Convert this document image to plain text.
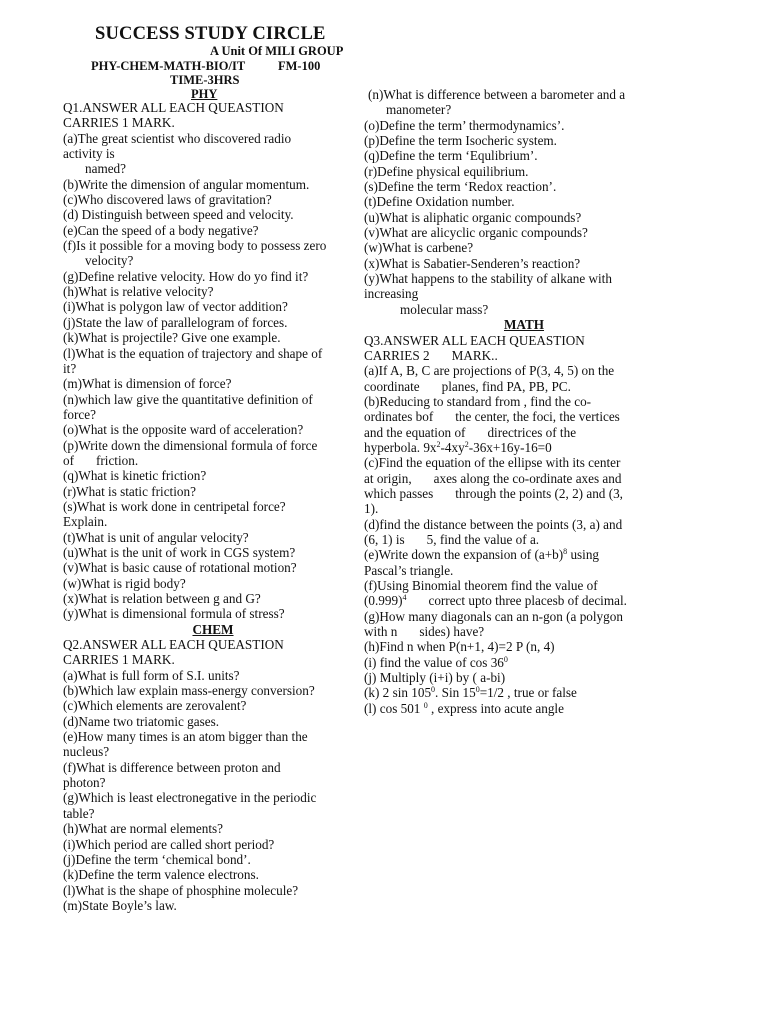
SUCCESS STUDY CIRCLE
A Unit Of MILI GROUP
PHY-CHEM-MATH-BIO/IT	FM-100
TIME-3HRS
PHY
Q1.ANSWER ALL EACH QUEASTION
CARRIES 1 MARK.
(a)The great scientist who discovered radio
activity is
named?
(b)Write the dimension of angular momentum.
(c)Who discovered laws of gravitation?
(d) Distinguish between speed and velocity.
(e)Can the speed of a body negative?
(f)Is it possible for a moving body to possess zero
velocity?
(g)Define relative velocity. How do yo find it?
(h)What is relative velocity?
(i)What is polygon law of vector addition?
(j)State the law of parallelogram of forces.
(k)What is projectile? Give one example.
(l)What is the equation of trajectory and shape of
it?
(m)What is dimension of force?
(n)which law give the quantitative definition of
force?
(o)What is the opposite ward of acceleration?
(p)Write down the dimensional formula of force
of friction.
(q)What is kinetic friction?
(r)What is static friction?
(s)What is work done in centripetal force?
Explain.
(t)What is unit of angular velocity?
(u)What is the unit of work in CGS system?
(v)What is basic cause of rotational motion?
(w)What is rigid body?
(x)What is relation between g and G?
(y)What is dimensional formula of stress?
CHEM
Q2.ANSWER ALL EACH QUEASTION
CARRIES 1 MARK.
(a)What is full form of S.I. units?
(b)Which law explain mass-energy conversion?
(c)Which elements are zerovalent?
(d)Name two triatomic gases.
(e)How many times is an atom bigger than the
nucleus?
(f)What is difference between proton and
photon?
(g)Which is least electronegative in the periodic
table?
(h)What are normal elements?
(i)Which period are called short period?
(j)Define the term ‘chemical bond’.
(k)Define the term valence electrons.
(l)What is the shape of phosphine molecule?
(m)State Boyle’s law.
(n)What is difference between a barometer and a
manometer?
(o)Define the term’ thermodynamics’.
(p)Define the term Isocheric system.
(q)Define the term ‘Equlibrium’.
(r)Define physical equilibrium.
(s)Define the term ‘Redox reaction’.
(t)Define Oxidation number.
(u)What is aliphatic organic compounds?
(v)What are alicyclic organic compounds?
(w)What is carbene?
(x)What is Sabatier-Senderen’s reaction?
(y)What happens to the stability of alkane with
increasing
molecular mass?
MATH
Q3.ANSWER ALL EACH QUEASTION
CARRIES 2 MARK..
(a)If A, B, C are projections of P(3, 4, 5) on the
coordinate planes, find PA, PB, PC.
(b)Reducing to standard from , find the co-
ordinates bof the center, the foci, the vertices
and the equation of directrices of the
hyperbola. $9x^2-4xy^2-36x+16y-16=0$
(c)Find the equation of the ellipse with its center
at origin, axes along the co-ordinate axes and
which passes through the points (2, 2) and (3,
1).
(d)find the distance between the points (3, a) and
(6, 1) is 5, find the value of a.
(e)Write down the expansion of $(a+b)^8$ using
Pascal’s triangle.
(f)Using Binomial theorem find the value of
$(0.999)^4$ correct upto three placesb of decimal.
(g)How many diagonals can an n-gon (a polygon
with n sides) have?
(h)Find n when P(n+1, 4)=2 P (n, 4)
(i) find the value of $\cos 36^0$
(j) Multiply (i+i) by ( a-bi)
(k) 2 $\sin 105^0$. Sin $15^0=1/2$ , true or false
(l) cos 501 $^0$ , express into acute angle
